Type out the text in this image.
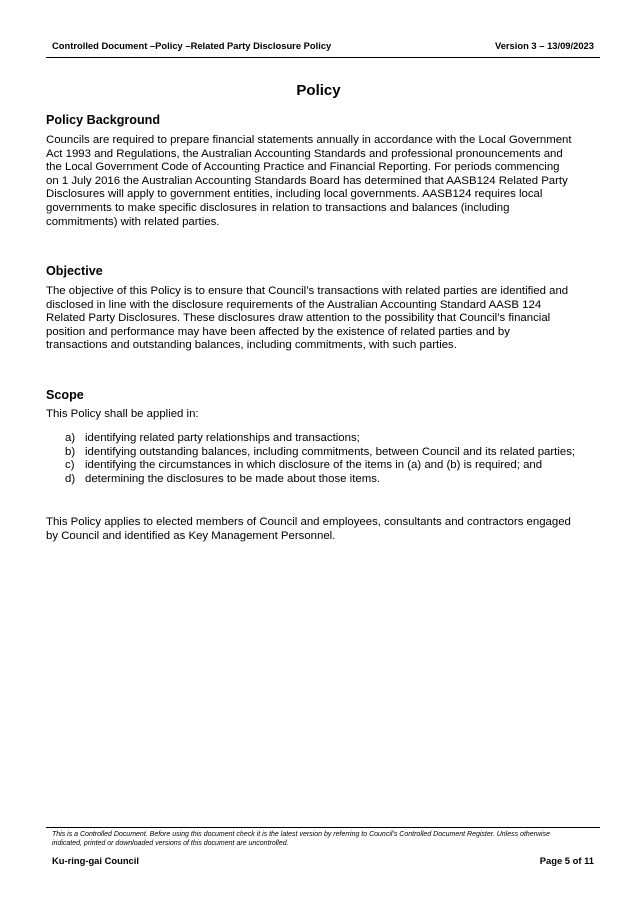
Controlled Document –Policy –Related Party Disclosure Policy	Version 3 – 13/09/2023
Policy
Policy Background
Councils are required to prepare financial statements annually in accordance with the Local Government
Act 1993 and Regulations, the Australian Accounting Standards and professional pronouncements and
the Local Government Code of Accounting Practice and Financial Reporting. For periods commencing
on 1 July 2016 the Australian Accounting Standards Board has determined that AASB124 Related Party
Disclosures will apply to government entities, including local governments. AASB124 requires local
governments to make specific disclosures in relation to transactions and balances (including
commitments) with related parties.
Objective
The objective of this Policy is to ensure that Council’s transactions with related parties are identified and
disclosed in line with the disclosure requirements of the Australian Accounting Standard AASB 124
Related Party Disclosures. These disclosures draw attention to the possibility that Council’s financial
position and performance may have been affected by the existence of related parties and by
transactions and outstanding balances, including commitments, with such parties.
Scope
This Policy shall be applied in:
a) identifying related party relationships and transactions;
b) identifying outstanding balances, including commitments, between Council and its related parties;
c) identifying the circumstances in which disclosure of the items in (a) and (b) is required; and
d) determining the disclosures to be made about those items.
This Policy applies to elected members of Council and employees, consultants and contractors engaged
by Council and identified as Key Management Personnel.
This is a Controlled Document. Before using this document check it is the latest version by referring to Council’s Controlled Document Register. Unless otherwise
indicated, printed or downloaded versions of this document are uncontrolled.
Ku-ring-gai Council	Page 5 of 11
